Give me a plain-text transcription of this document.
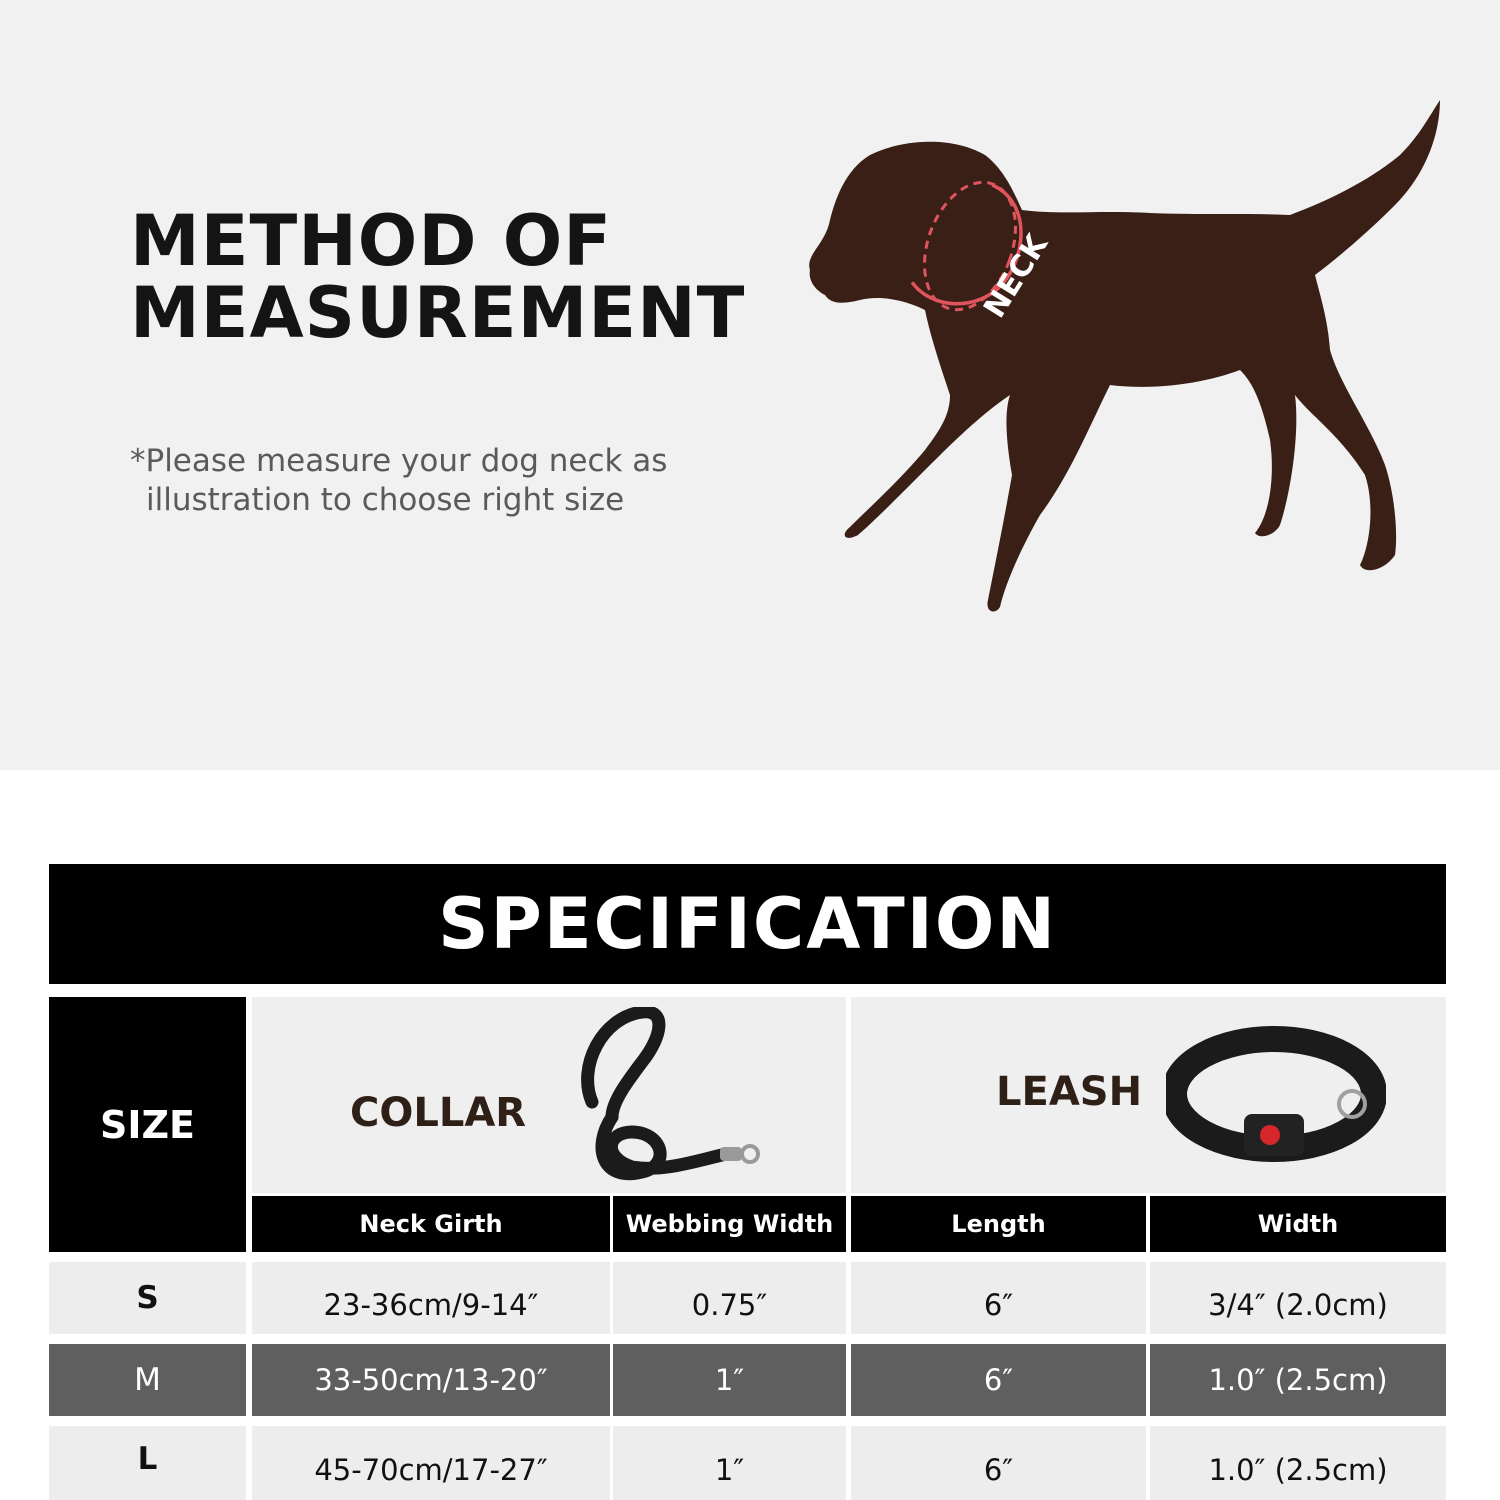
METHOD OF
MEASUREMENT
*Please measure your dog neck as
illustration to choose right size
NECK
SPECIFICATION
SIZE	COLLAR	LEASH
Neck Girth	Webbing Width	Length	Width
S	23-36cm/9-14″	0.75″	6″	3/4″ (2.0cm)
M	33-50cm/13-20″	1″	6″	1.0″ (2.5cm)
L	45-70cm/17-27″	1″	6″	1.0″ (2.5cm)
